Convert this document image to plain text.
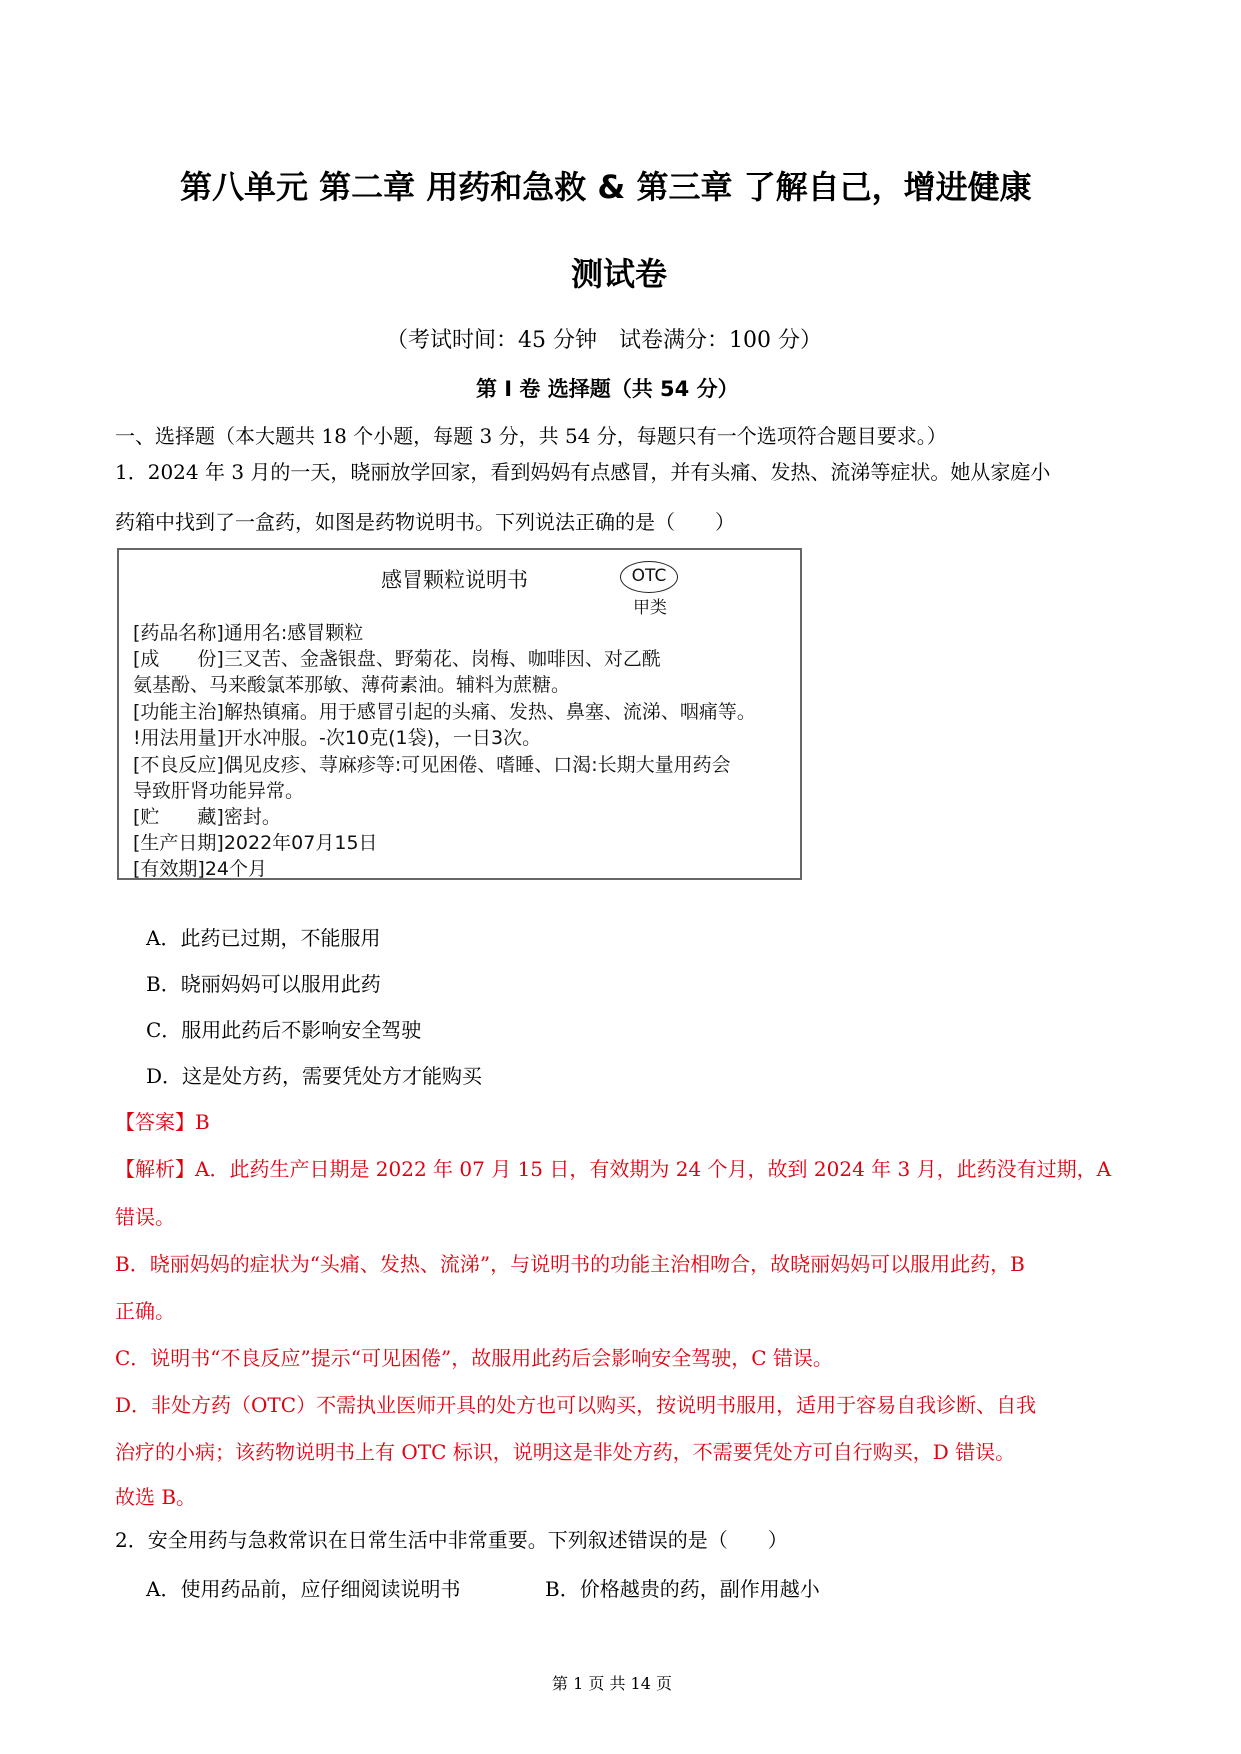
第八单元 第二章 用药和急救 & 第三章 了解自己，增进健康
测试卷
（考试时间：45 分钟　试卷满分：100 分）
第 I 卷 选择题（共 54 分）
一、选择题（本大题共 18 个小题，每题 3 分，共 54 分，每题只有一个选项符合题目要求。）
1．2024 年 3 月的一天，晓丽放学回家，看到妈妈有点感冒，并有头痛、发热、流涕等症状。她从家庭小
药箱中找到了一盒药，如图是药物说明书。下列说法正确的是（　　）
感冒颗粒说明书	OTC
甲类
[药品名称]通用名:感冒颗粒
[成　　份]三叉苦、金盏银盘、野菊花、岗梅、咖啡因、对乙酰
氨基酚、马来酸氯苯那敏、薄荷素油。辅料为蔗糖。
[功能主治]解热镇痛。用于感冒引起的头痛、发热、鼻塞、流涕、咽痛等。
!用法用量]开水冲服。-次10克(1袋)，一日3次。
[不良反应]偶见皮疹、荨麻疹等:可见困倦、嗜睡、口渴:长期大量用药会
导致肝肾功能异常。
[贮　　藏]密封。
[生产日期]2022年07月15日
[有效期]24个月
A．此药已过期，不能服用
B．晓丽妈妈可以服用此药
C．服用此药后不影响安全驾驶
D．这是处方药，需要凭处方才能购买
【答案】B
【解析】A．此药生产日期是 2022 年 07 月 15 日，有效期为 24 个月，故到 2024 年 3 月，此药没有过期，A
错误。
B．晓丽妈妈的症状为“头痛、发热、流涕”，与说明书的功能主治相吻合，故晓丽妈妈可以服用此药，B
正确。
C．说明书“不良反应”提示“可见困倦”，故服用此药后会影响安全驾驶，C 错误。
D．非处方药（OTC）不需执业医师开具的处方也可以购买，按说明书服用，适用于容易自我诊断、自我
治疗的小病；该药物说明书上有 OTC 标识，说明这是非处方药，不需要凭处方可自行购买，D 错误。
故选 B。
2．安全用药与急救常识在日常生活中非常重要。下列叙述错误的是（　　）
A．使用药品前，应仔细阅读说明书	B．价格越贵的药，副作用越小
第 1 页 共 14 页
